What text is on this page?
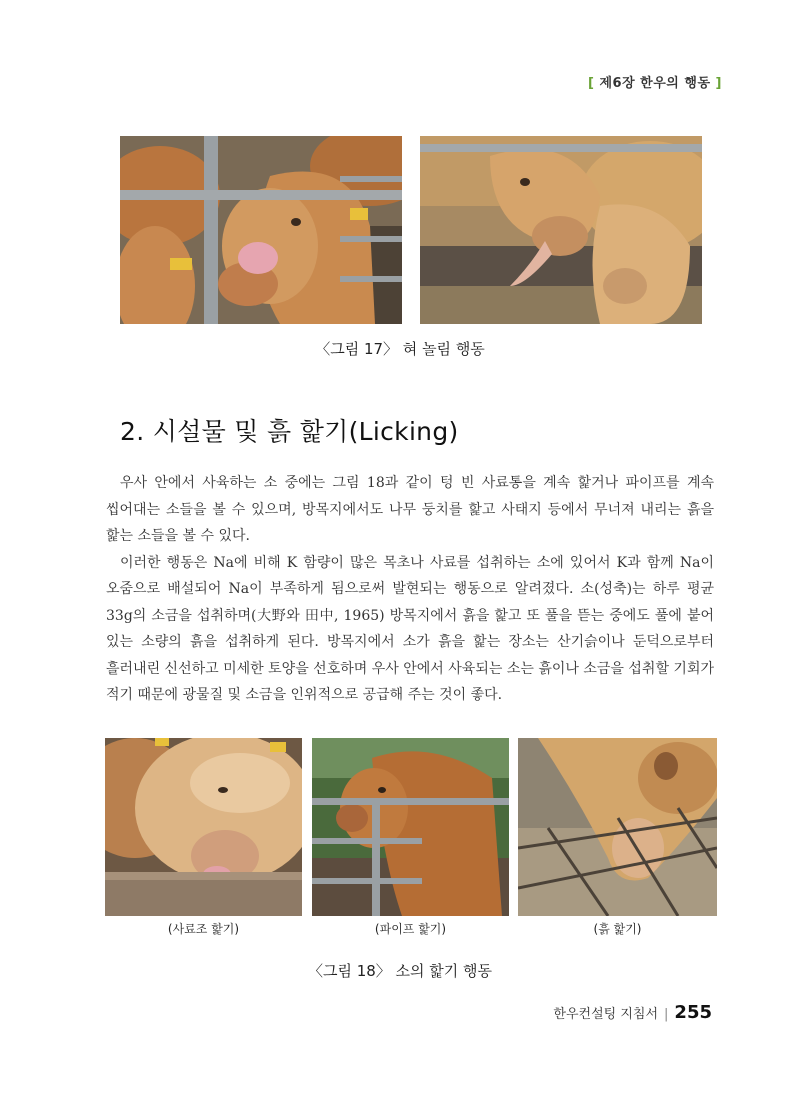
[ 제6장 한우의 행동 ]
〈그림 17〉 혀 놀림 행동
2. 시설물 및 흙 핥기(Licking)

우사 안에서 사육하는 소 중에는 그림 18과 같이 텅 빈 사료통을 계속 핥거나 파이프를 계속 씹어대는 소들을 볼 수 있으며, 방목지에서도 나무 둥치를 핥고 사태지 등에서 무너져 내리는 흙을 핥는 소들을 볼 수 있다.

이러한 행동은 Na에 비해 K 함량이 많은 목초나 사료를 섭취하는 소에 있어서 K과 함께 Na이 오줌으로 배설되어 Na이 부족하게 됨으로써 발현되는 행동으로 알려졌다. 소(성축)는 하루 평균 33g의 소금을 섭취하며(大野와 田中, 1965) 방목지에서 흙을 핥고 또 풀을 뜯는 중에도 풀에 붙어 있는 소량의 흙을 섭취하게 된다. 방목지에서 소가 흙을 핥는 장소는 산기슭이나 둔덕으로부터 흘러내린 신선하고 미세한 토양을 선호하며 우사 안에서 사육되는 소는 흙이나 소금을 섭취할 기회가 적기 때문에 광물질 및 소금을 인위적으로 공급해 주는 것이 좋다.

(사료조 핥기)	(파이프 핥기)	(흙 핥기)
〈그림 18〉 소의 핥기 행동
한우컨설팅 지침서 | 255
